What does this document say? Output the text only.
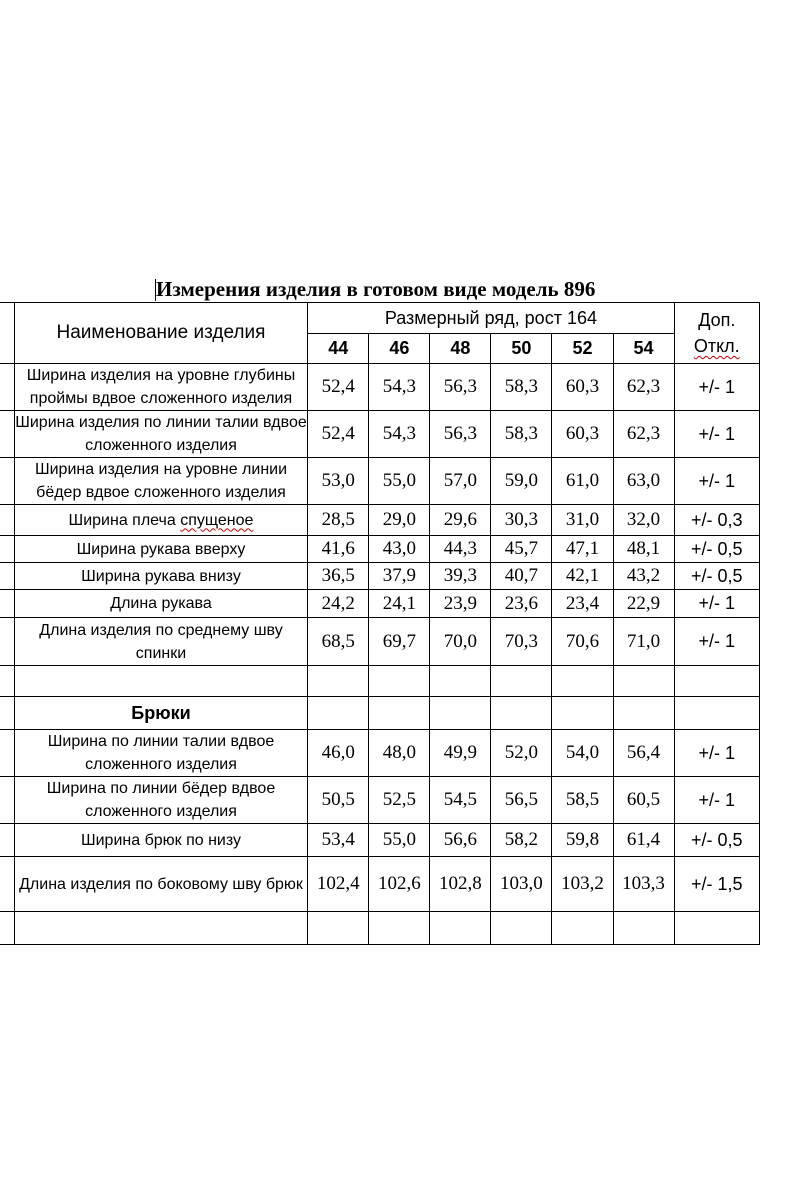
Измерения изделия в готовом виде модель 896
	Наименование изделия	Размерный ряд, рост 164						Доп.
Откл.

		44	46	48	50	52	54	
	Ширина изделия на уровне глубины проймы вдвое сложенного изделия	52,4	54,3	56,3	58,3	60,3	62,3	+/- 1
	Ширина изделия по линии талии вдвое сложенного изделия	52,4	54,3	56,3	58,3	60,3	62,3	+/- 1
	Ширина изделия на уровне линии бёдер вдвое сложенного изделия	53,0	55,0	57,0	59,0	61,0	63,0	+/- 1
	Ширина плеча спущеное	28,5	29,0	29,6	30,3	31,0	32,0	+/- 0,3
	Ширина рукава вверху	41,6	43,0	44,3	45,7	47,1	48,1	+/- 0,5
	Ширина рукава внизу	36,5	37,9	39,3	40,7	42,1	43,2	+/- 0,5
	Длина рукава	24,2	24,1	23,9	23,6	23,4	22,9	+/- 1
	Длина изделия по среднему шву спинки	68,5	69,7	70,0	70,3	70,6	71,0	+/- 1

	Брюки							
	Ширина по линии талии вдвое сложенного изделия	46,0	48,0	49,9	52,0	54,0	56,4	+/- 1
	Ширина по линии бёдер вдвое сложенного изделия	50,5	52,5	54,5	56,5	58,5	60,5	+/- 1
	Ширина брюк по низу	53,4	55,0	56,6	58,2	59,8	61,4	+/- 0,5
	Длина изделия по боковому шву брюк	102,4	102,6	102,8	103,0	103,2	103,3	+/- 1,5
